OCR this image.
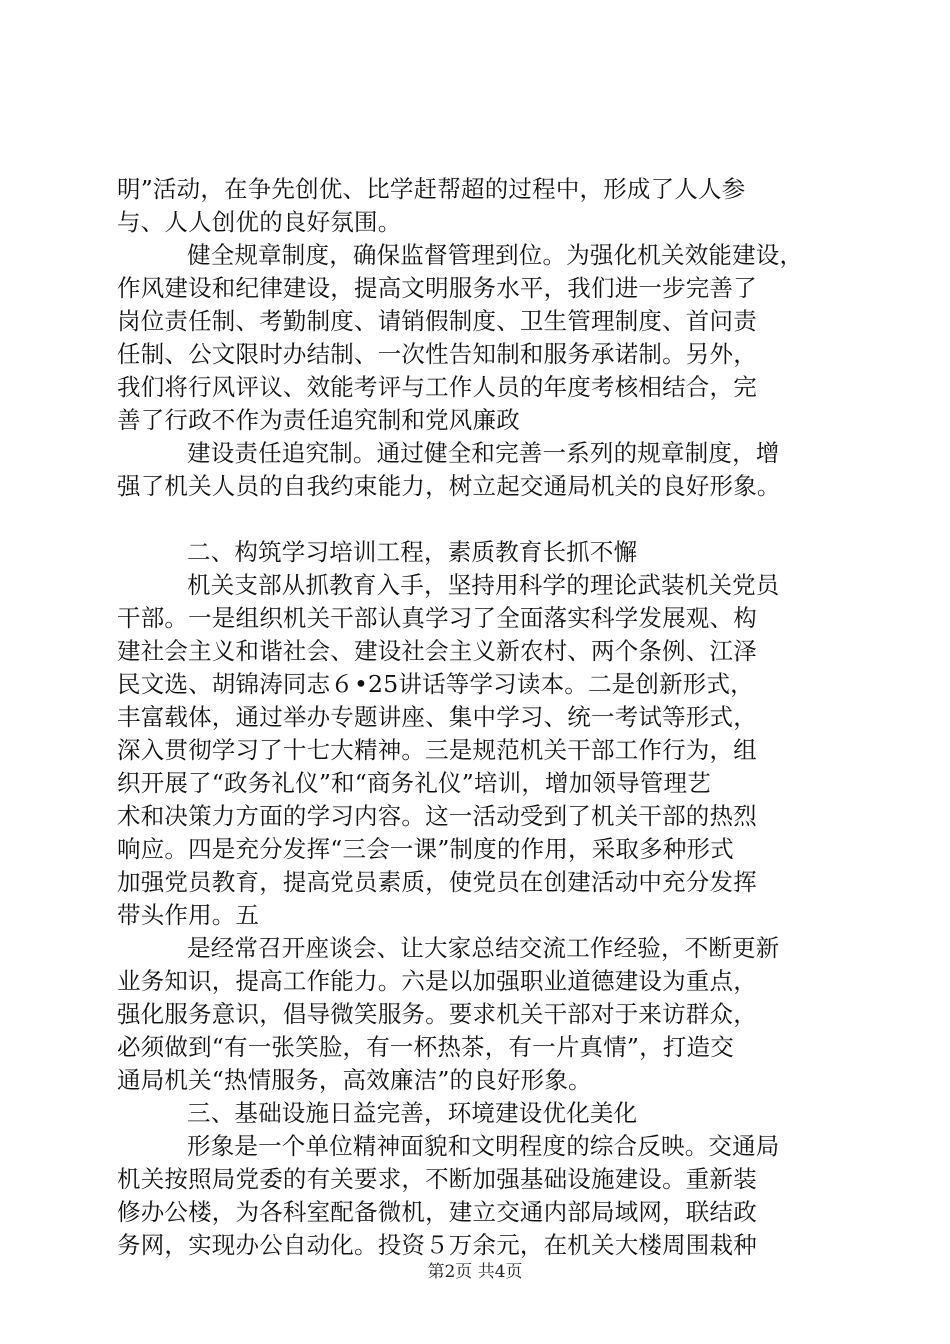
明”活动，在争先创优、比学赶帮超的过程中，形成了人人参
与、人人创优的良好氛围。
健全规章制度，确保监督管理到位。为强化机关效能建设，
作风建设和纪律建设，提高文明服务水平，我们进一步完善了
岗位责任制、考勤制度、请销假制度、卫生管理制度、首问责
任制、公文限时办结制、一次性告知制和服务承诺制。另外，
我们将行风评议、效能考评与工作人员的年度考核相结合，完
善了行政不作为责任追究制和党风廉政
建设责任追究制。通过健全和完善一系列的规章制度，增
强了机关人员的自我约束能力，树立起交通局机关的良好形象。
二、构筑学习培训工程，素质教育长抓不懈
机关支部从抓教育入手，坚持用科学的理论武装机关党员
干部。一是组织机关干部认真学习了全面落实科学发展观、构
建社会主义和谐社会、建设社会主义新农村、两个条例、江泽
民文选、胡锦涛同志６•25讲话等学习读本。二是创新形式，
丰富载体，通过举办专题讲座、集中学习、统一考试等形式，
深入贯彻学习了十七大精神。三是规范机关干部工作行为，组
织开展了“政务礼仪”和“商务礼仪”培训，增加领导管理艺
术和决策力方面的学习内容。这一活动受到了机关干部的热烈
响应。四是充分发挥“三会一课”制度的作用，采取多种形式
加强党员教育，提高党员素质，使党员在创建活动中充分发挥
带头作用。五
是经常召开座谈会、让大家总结交流工作经验，不断更新
业务知识，提高工作能力。六是以加强职业道德建设为重点，
强化服务意识，倡导微笑服务。要求机关干部对于来访群众，
必须做到“有一张笑脸，有一杯热茶，有一片真情”，打造交
通局机关“热情服务，高效廉洁”的良好形象。
三、基础设施日益完善，环境建设优化美化
形象是一个单位精神面貌和文明程度的综合反映。交通局
机关按照局党委的有关要求，不断加强基础设施建设。重新装
修办公楼，为各科室配备微机，建立交通内部局域网，联结政
务网，实现办公自动化。投资５万余元，在机关大楼周围栽种
第2页 共4页
